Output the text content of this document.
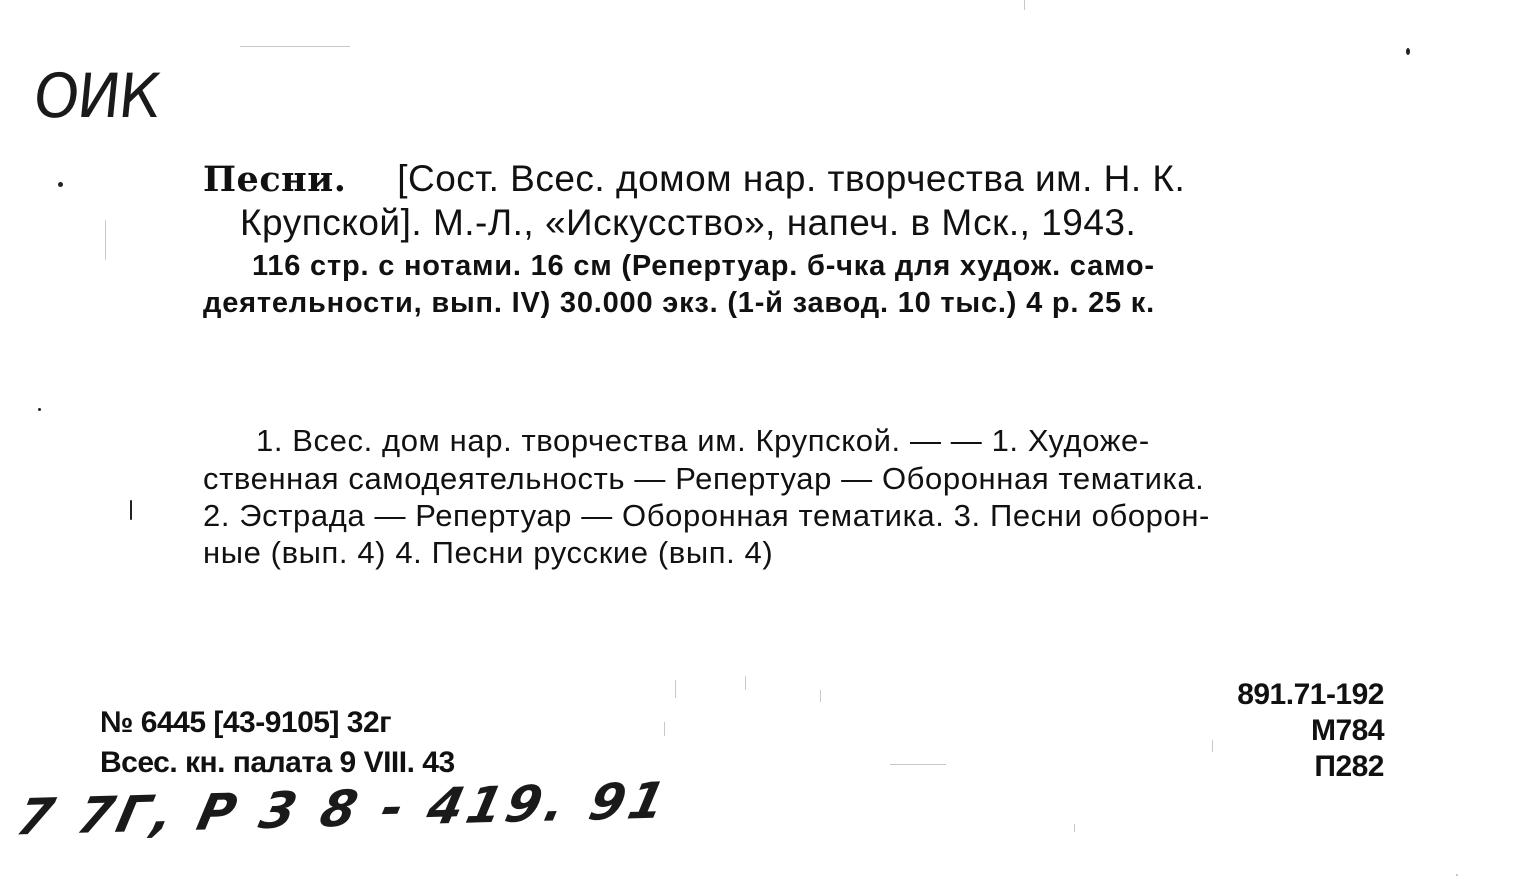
ОИК
7 7Г, Р 3 8 - 419. 91
Песни. [Сост. Всес. домом нар. творчества им. Н. К.
Крупской]. М.-Л., «Искусство», напеч. в Мск., 1943.
116 стр. с нотами. 16 см (Репертуар. б-чка для худож. само-
деятельности, вып. IV) 30.000 экз. (1-й завод. 10 тыс.) 4 р. 25 к.
1. Всес. дом нар. творчества им. Крупской. — — 1. Художе-
ственная самодеятельность — Репертуар — Оборонная тематика.
2. Эстрада — Репертуар — Оборонная тематика. 3. Песни оборон-
ные (вып. 4) 4. Песни русские (вып. 4)
№ 6445 [43-9105] 32г
Всес. кн. палата 9 VIII. 43
891.71-192
М784
П282
